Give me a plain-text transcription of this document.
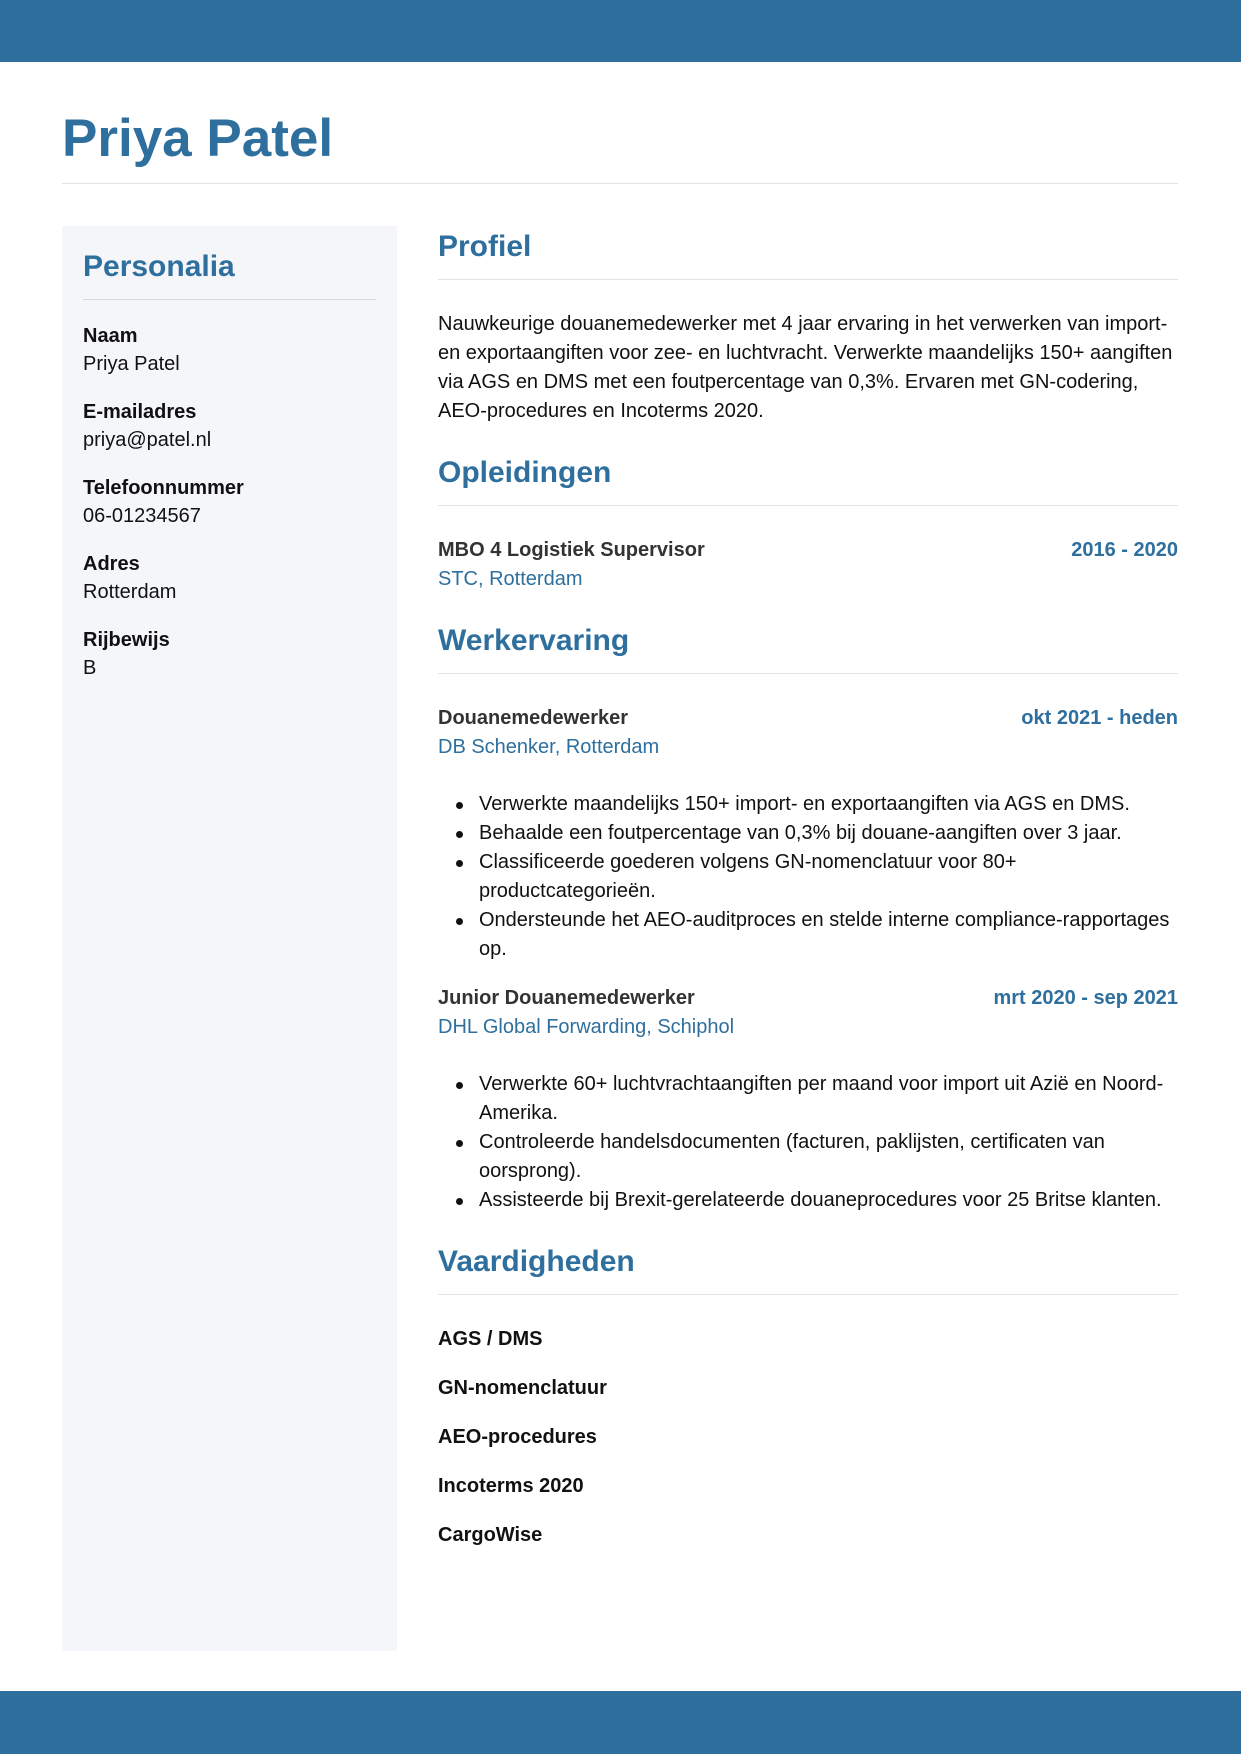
Priya Patel
Personalia
Naam
Priya Patel
E-mailadres
priya@patel.nl
Telefoonnummer
06-01234567
Adres
Rotterdam
Rijbewijs
B
Profiel

Nauwkeurige douanemedewerker met 4 jaar ervaring in het verwerken van import- en exportaangiften voor zee- en luchtvracht. Verwerkte maandelijks 150+ aangiften via AGS en DMS met een foutpercentage van 0,3%. Ervaren met GN-codering, AEO-procedures en Incoterms 2020.

Opleidingen
MBO 4 Logistiek Supervisor	2016 - 2020
STC, Rotterdam
Werkervaring
Douanemedewerker	okt 2021 - heden
DB Schenker, Rotterdam
Verwerkte maandelijks 150+ import- en exportaangiften via AGS en DMS.
Behaalde een foutpercentage van 0,3% bij douane-aangiften over 3 jaar.
Classificeerde goederen volgens GN-nomenclatuur voor 80+ productcategorieën.
Ondersteunde het AEO-auditproces en stelde interne compliance-rapportages op.
Junior Douanemedewerker	mrt 2020 - sep 2021
DHL Global Forwarding, Schiphol
Verwerkte 60+ luchtvrachtaangiften per maand voor import uit Azië en Noord-Amerika.
Controleerde handelsdocumenten (facturen, paklijsten, certificaten van oorsprong).
Assisteerde bij Brexit-gerelateerde douaneprocedures voor 25 Britse klanten.
Vaardigheden
AGS / DMS
GN-nomenclatuur
AEO-procedures
Incoterms 2020
CargoWise
